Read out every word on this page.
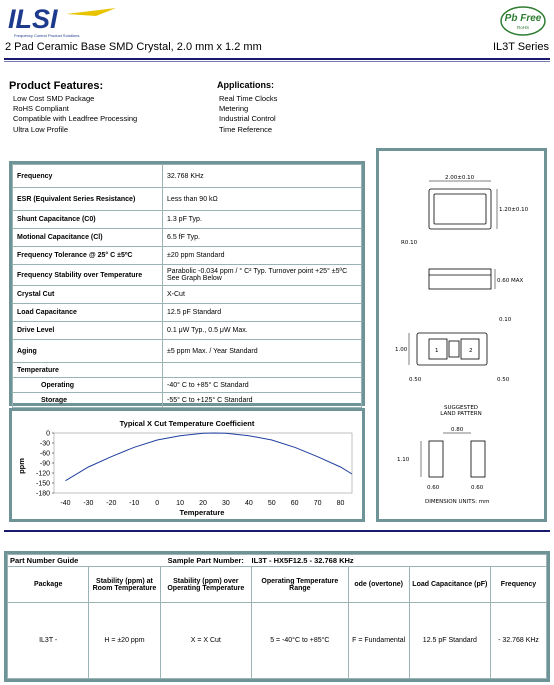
ILSI
Frequency Control Product Solutions
Pb Free
RoHS
2 Pad Ceramic Base SMD Crystal, 2.0 mm x 1.2 mm	IL3T Series
Product Features:
Low Cost SMD Package
RoHS Compliant
Compatible with Leadfree Processing
Ultra Low Profile
Applications:
Real Time Clocks
Metering
Industrial Control
Time Reference
Frequency	32.768 KHz
ESR (Equivalent Series Resistance)	Less than 90 kΩ
Shunt Capacitance (C0)	1.3 pF Typ.
Motional Capacitance (Cl)	6.5 fF Typ.
Frequency Tolerance @ 25° C ±5ºC	±20 ppm Standard
Frequency Stability over Temperature	Parabolic -0.034 ppm / ° C² Typ. Turnover point +25° ±5ºC See Graph Below
Crystal Cut	X-Cut
Load Capacitance	12.5 pF Standard
Drive Level	0.1 μW Typ., 0.5 μW Max.
Aging	±5 ppm Max. / Year Standard
Temperature	
Operating	-40° C to +85° C Standard
Storage	-55° C to +125° C Standard
2.00±0.10
1.20±0.10
R0.10
0.60 MAX
0.10
1.00	1	2
0.50	0.50
SUGGESTED
LAND PATTERN
0.80
1.10
0.60	0.60
DIMENSION UNITS: mm
Typical X Cut Temperature Coefficient
Temperature
ppm
0
-30
-60
-90
-120
-150
-180
-40 -30 -20 -10 0 10 20 30 40 50 60 70 80
Part Number Guide		Sample Part Number:	IL3T - HX5F12.5 - 32.768 KHz			
Package	Stability (ppm) at Room Temperature	Stability (ppm) over Operating Temperature	Operating Temperature Range	ode (overtone)	Load Capacitance (pF)	Frequency
IL3T -	H = ±20 ppm	X = X Cut	5 = -40°C to +85°C	F = Fundamental	12.5 pF Standard	- 32.768 KHz
